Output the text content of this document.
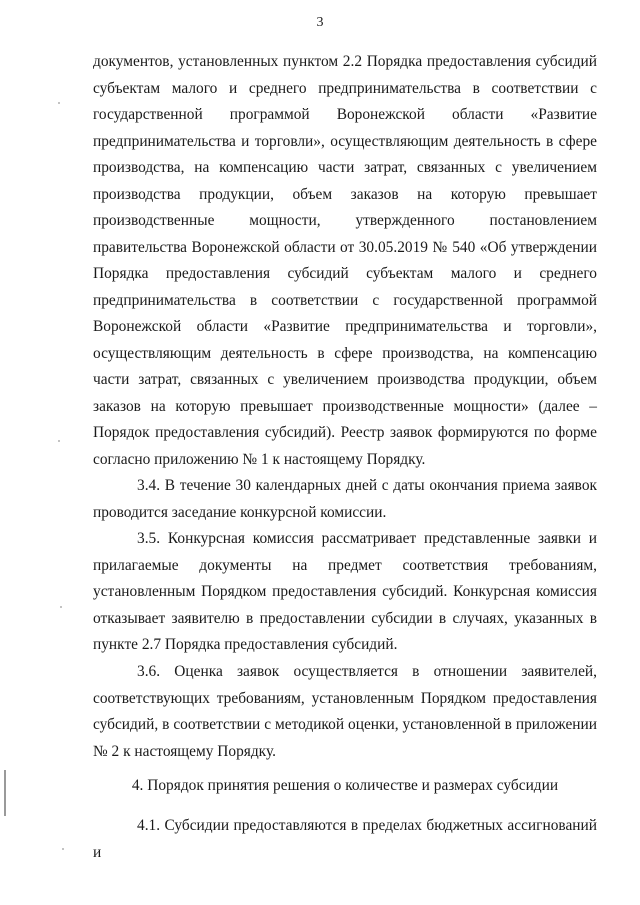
3

документов, установленных пунктом 2.2 Порядка предоставления субсидий субъектам малого и среднего предпринимательства в соответствии с государственной программой Воронежской области «Развитие предпринимательства и торговли», осуществляющим деятельность в сфере производства, на компенсацию части затрат, связанных с увеличением производства продукции, объем заказов на которую превышает производственные мощности, утвержденного постановлением правительства Воронежской области от 30.05.2019 № 540 «Об утверждении Порядка предоставления субсидий субъектам малого и среднего предпринимательства в соответствии с государственной программой Воронежской области «Развитие предпринимательства и торговли», осуществляющим деятельность в сфере производства, на компенсацию части затрат, связанных с увеличением производства продукции, объем заказов на которую превышает производственные мощности» (далее – Порядок предоставления субсидий). Реестр заявок формируются по форме согласно приложению № 1 к настоящему Порядку.

3.4. В течение 30 календарных дней с даты окончания приема заявок проводится заседание конкурсной комиссии.

3.5. Конкурсная комиссия рассматривает представленные заявки и прилагаемые документы на предмет соответствия требованиям, установленным Порядком предоставления субсидий. Конкурсная комиссия отказывает заявителю в предоставлении субсидии в случаях, указанных в пункте 2.7 Порядка предоставления субсидий.

3.6. Оценка заявок осуществляется в отношении заявителей, соответствующих требованиям, установленным Порядком предоставления субсидий, в соответствии с методикой оценки, установленной в приложении № 2 к настоящему Порядку.

4. Порядок принятия решения о количестве и размерах субсидии

4.1. Субсидии предоставляются в пределах бюджетных ассигнований и
